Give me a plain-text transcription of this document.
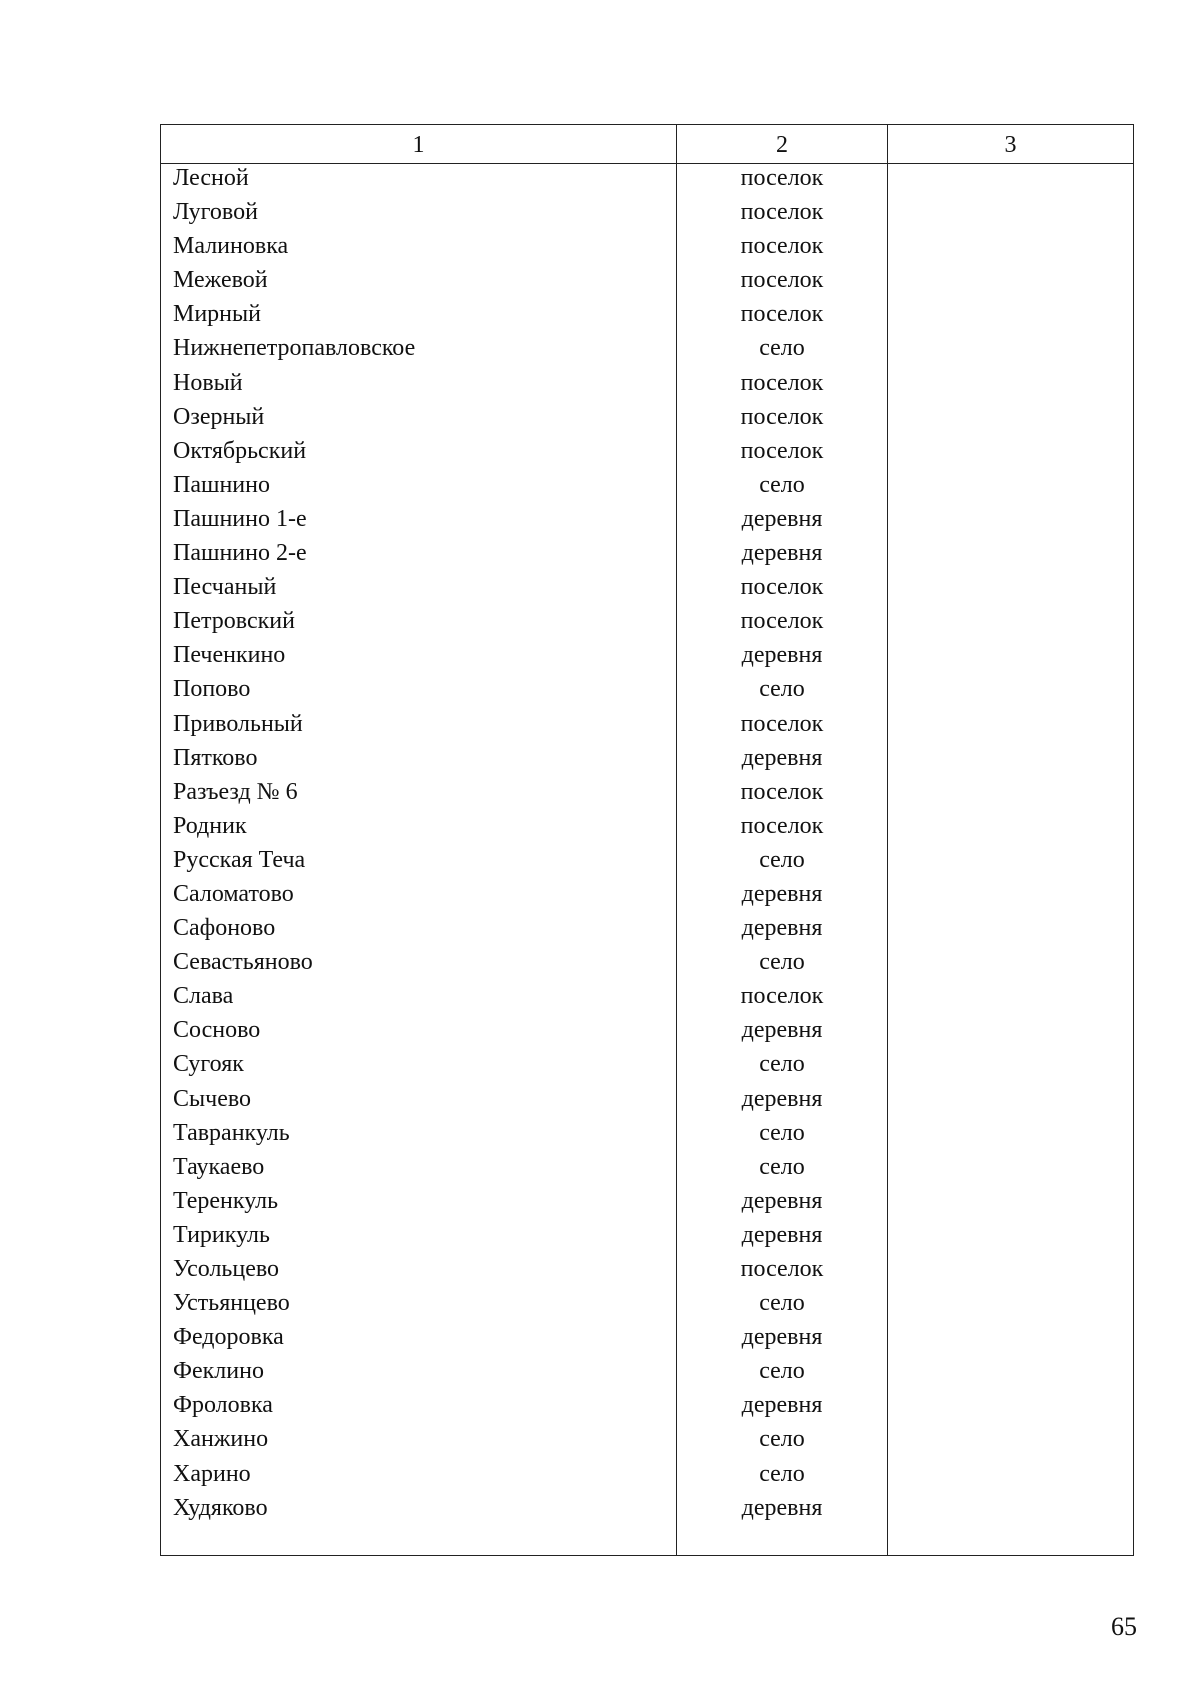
1	2	3
Лесной	поселок
Луговой	поселок
Малиновка	поселок
Межевой	поселок
Мирный	поселок
Нижнепетропавловское	село
Новый	поселок
Озерный	поселок
Октябрьский	поселок
Пашнино	село
Пашнино 1-е	деревня
Пашнино 2-е	деревня
Песчаный	поселок
Петровский	поселок
Печенкино	деревня
Попово	село
Привольный	поселок
Пятково	деревня
Разъезд № 6	поселок
Родник	поселок
Русская Теча	село
Саломатово	деревня
Сафоново	деревня
Севастьяново	село
Слава	поселок
Сосново	деревня
Сугояк	село
Сычево	деревня
Тавранкуль	село
Таукаево	село
Теренкуль	деревня
Тирикуль	деревня
Усольцево	поселок
Устьянцево	село
Федоровка	деревня
Феклино	село
Фроловка	деревня
Ханжино	село
Харино	село
Худяково	деревня
65
